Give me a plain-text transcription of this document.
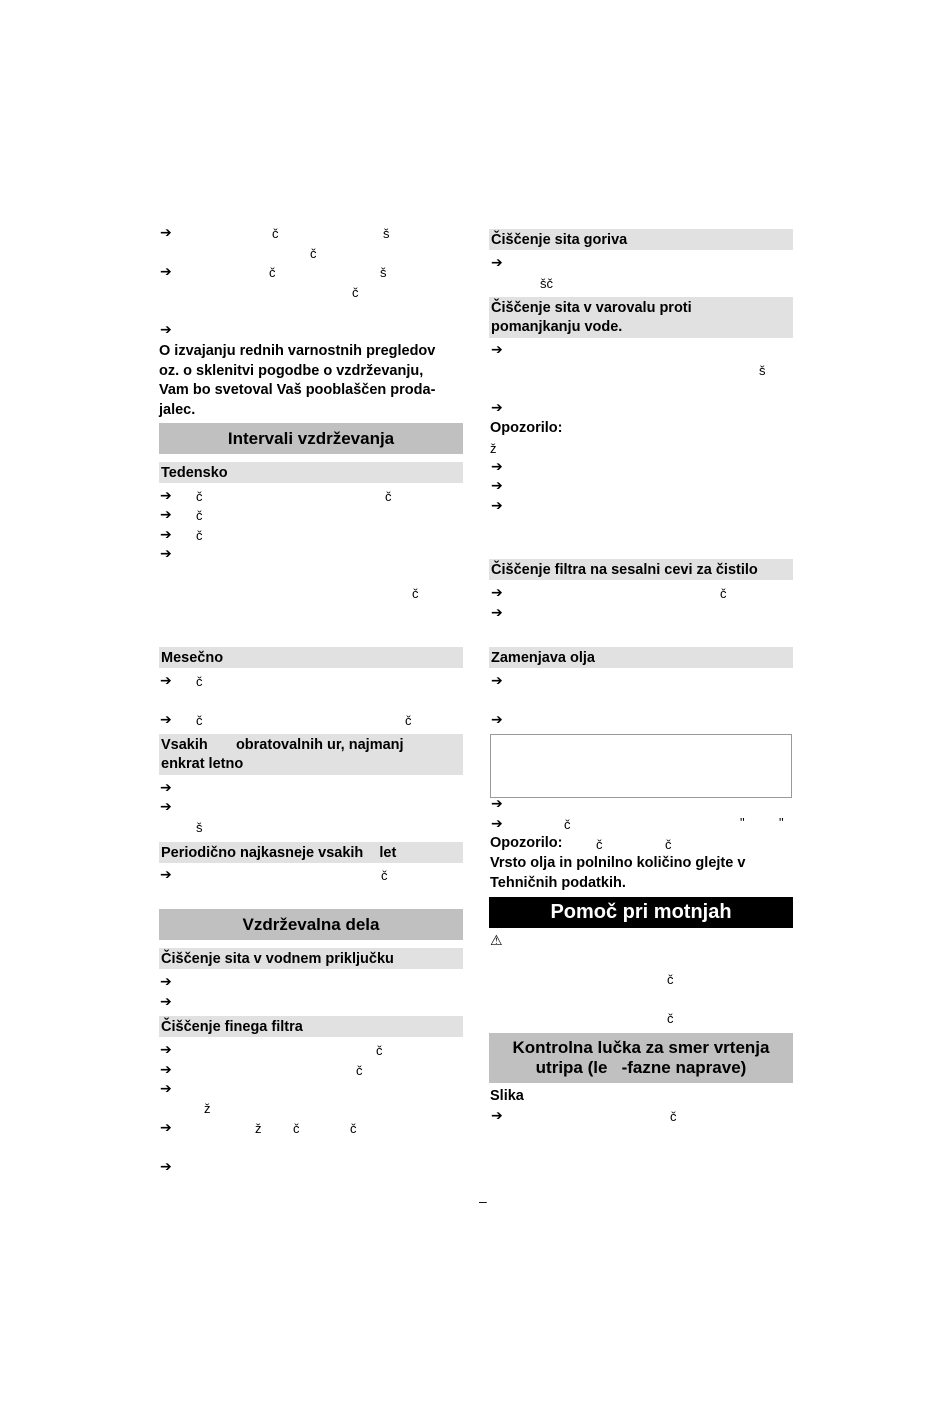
➔	č	š
č
➔	č	š
č
➔
O izvajanju rednih varnostnih pregledov
oz. o sklenitvi pogodbe o vzdrževanju,
Vam bo svetoval Vaš pooblaščen proda-
jalec.
Intervali vzdrževanja
Tedensko
➔ č	č
➔ č
➔ č
➔
č
Mesečno
➔ č
➔ č	č
Vsakih       obratovalnih ur, najmanj
enkrat letno
➔
➔
š
Periodično najkasneje vsakih    let
➔	č
Vzdrževalna dela
Čiščenje sita v vodnem priključku
➔
➔
Čiščenje finega filtra
➔	č
➔	č
➔
ž
➔	ž č	č
➔
Čiščenje sita goriva
➔
šč
Čiščenje sita v varovalu proti
pomanjkanju vode.
➔
š
➔
Opozorilo:
ž
➔
➔
➔
Čiščenje filtra na sesalni cevi za čistilo
➔	č
➔
Zamenjava olja
➔
➔
➔
➔	č	"	"
Opozorilo:	č	č
Vrsto olja in polnilno količino glejte v
Tehničnih podatkih.
Pomoč pri motnjah
⚠
č
č
Kontrolna lučka za smer vrtenja
utripa (le   -fazne naprave)
Slika
➔	č
–
